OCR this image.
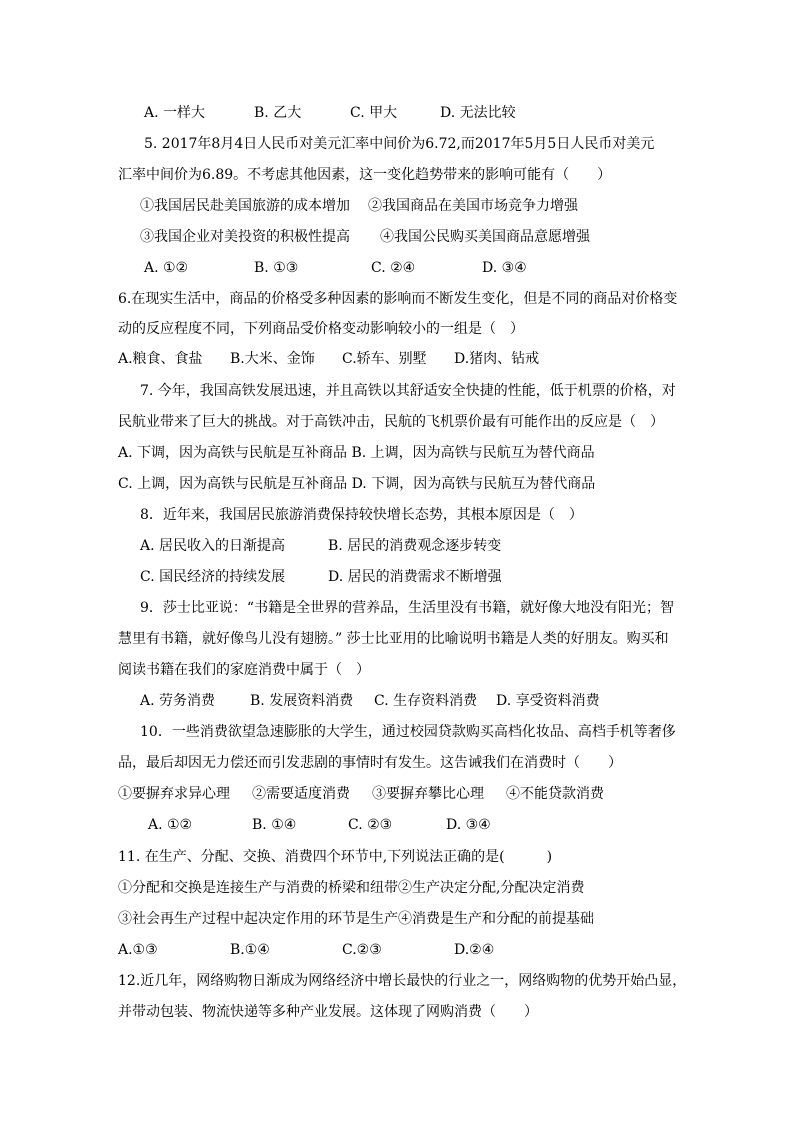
A. 一样大	B. 乙大	C. 甲大	D. 无法比较
5. 2017年8月4日人民币对美元汇率中间价为6.72,而2017年5月5日人民币对美元
汇率中间价为6.89。不考虑其他因素，这一变化趋势带来的影响可能有（　　）
①我国居民赴美国旅游的成本增加 ②我国商品在美国市场竞争力增强
③我国企业对美投资的积极性提高 ④我国公民购买美国商品意愿增强
A. ①②	B. ①③	C. ②④	D. ③④
6.在现实生活中，商品的价格受多种因素的影响而不断发生变化，但是不同的商品对价格变
动的反应程度不同，下列商品受价格变动影响较小的一组是（　）
A.粮食、食盐 B.大米、金饰 C.轿车、别墅 D.猪肉、钻戒
7. 今年，我国高铁发展迅速，并且高铁以其舒适安全快捷的性能，低于机票的价格，对
民航业带来了巨大的挑战。对于高铁冲击，民航的飞机票价最有可能作出的反应是（　）
A. 下调，因为高铁与民航是互补商品 B. 上调，因为高铁与民航互为替代商品
C. 上调，因为高铁与民航是互补商品 D. 下调，因为高铁与民航互为替代商品
8．近年来，我国居民旅游消费保持较快增长态势，其根本原因是（　）
A. 居民收入的日渐提高	B. 居民的消费观念逐步转变
C. 国民经济的持续发展	D. 居民的消费需求不断增强
9．莎士比亚说：“书籍是全世界的营养品，生活里没有书籍，就好像大地没有阳光；智
慧里有书籍，就好像鸟儿没有翅膀。” 莎士比亚用的比喻说明书籍是人类的好朋友。购买和
阅读书籍在我们的家庭消费中属于（　）
A. 劳务消费 B. 发展资料消费 C. 生存资料消费 D. 享受资料消费
10．一些消费欲望急速膨胀的大学生，通过校园贷款购买高档化妆品、高档手机等奢侈
品，最后却因无力偿还而引发悲剧的事情时有发生。这告诫我们在消费时（　　）
①要摒弃求异心理 ②需要适度消费 ③要摒弃攀比心理 ④不能贷款消费
A. ①②	B. ①④	C. ②③	D. ③④
11. 在生产、分配、交换、消费四个环节中,下列说法正确的是(　　　)
①分配和交换是连接生产与消费的桥梁和纽带②生产决定分配,分配决定消费
③社会再生产过程中起决定作用的环节是生产④消费是生产和分配的前提基础
A.①③	B.①④	C.②③	D.②④
12.近几年，网络购物日渐成为网络经济中增长最快的行业之一，网络购物的优势开始凸显，
并带动包装、物流快递等多种产业发展。这体现了网购消费（　　）
